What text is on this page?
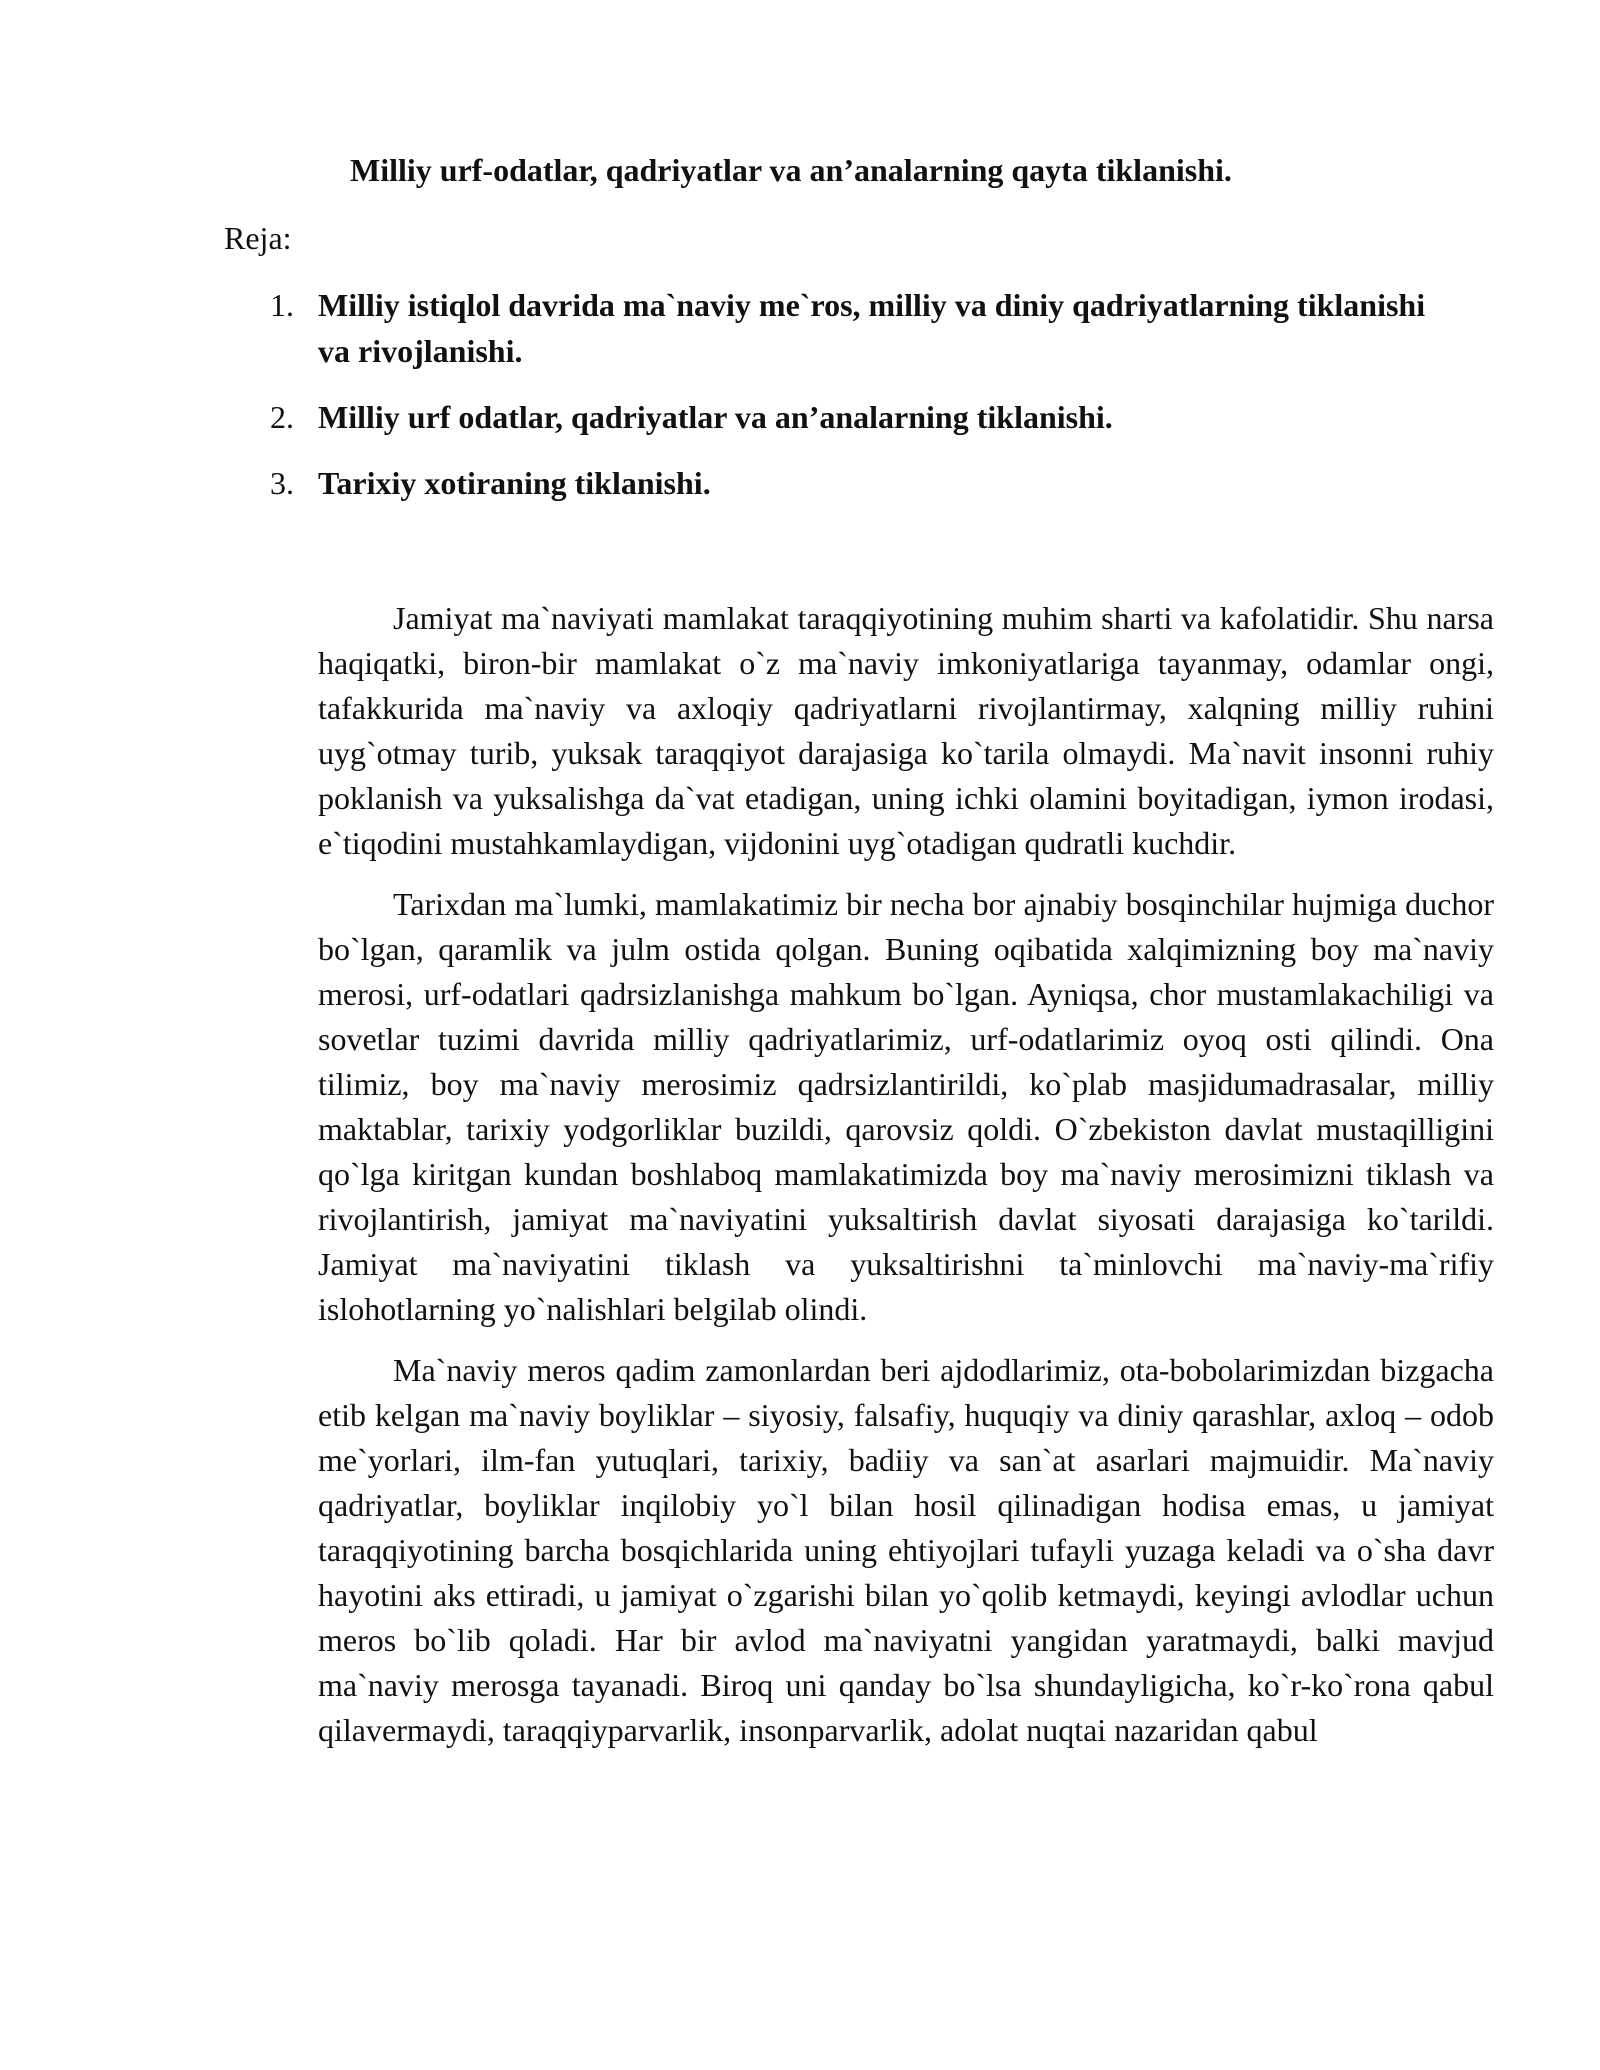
Milliy urf-odatlar, qadriyatlar va an’analarning qayta tiklanishi.
Reja:
1. Milliy istiqlol davrida ma`naviy me`ros, milliy va diniy qadriyatlarning tiklanishi va rivojlanishi.
2. Milliy urf odatlar, qadriyatlar va an’analarning tiklanishi.
3. Tarixiy xotiraning tiklanishi.

Jamiyat ma`naviyati mamlakat taraqqiyotining muhim sharti va kafolatidir. Shu narsa haqiqatki, biron-bir mamlakat o`z ma`naviy imkoniyatlariga tayanmay, odamlar ongi, tafakkurida ma`naviy va axloqiy qadriyatlarni rivojlantirmay, xalqning milliy ruhini uyg`otmay turib, yuksak taraqqiyot darajasiga ko`tarila olmaydi. Ma`navit insonni ruhiy poklanish va yuksalishga da`vat etadigan, uning ichki olamini boyitadigan, iymon irodasi, e`tiqodini mustahkamlaydigan, vijdonini uyg`otadigan qudratli kuchdir.

Tarixdan ma`lumki, mamlakatimiz bir necha bor ajnabiy bosqinchilar hujmiga duchor bo`lgan, qaramlik va julm ostida qolgan. Buning oqibatida xalqimizning boy ma`naviy merosi, urf-odatlari qadrsizlanishga mahkum bo`lgan. Ayniqsa, chor mustamlakachiligi va sovetlar tuzimi davrida milliy qadriyatlarimiz, urf-odatlarimiz oyoq osti qilindi. Ona tilimiz, boy ma`naviy merosimiz qadrsizlantirildi, ko`plab masjidumadrasalar, milliy maktablar, tarixiy yodgorliklar buzildi, qarovsiz qoldi. O`zbekiston davlat mustaqilligini qo`lga kiritgan kundan boshlaboq mamlakatimizda boy ma`naviy merosimizni tiklash va rivojlantirish, jamiyat ma`naviyatini yuksaltirish davlat siyosati darajasiga ko`tarildi. Jamiyat ma`naviyatini tiklash va yuksaltirishni ta`minlovchi ma`naviy-ma`rifiy islohotlarning yo`nalishlari belgilab olindi.

Ma`naviy meros qadim zamonlardan beri ajdodlarimiz, ota-bobolarimizdan bizgacha etib kelgan ma`naviy boyliklar – siyosiy, falsafiy, huquqiy va diniy qarashlar, axloq – odob me`yorlari, ilm-fan yutuqlari, tarixiy, badiiy va san`at asarlari majmuidir. Ma`naviy qadriyatlar, boyliklar inqilobiy yo`l bilan hosil qilinadigan hodisa emas, u jamiyat taraqqiyotining barcha bosqichlarida uning ehtiyojlari tufayli yuzaga keladi va o`sha davr hayotini aks ettiradi, u jamiyat o`zgarishi bilan yo`qolib ketmaydi, keyingi avlodlar uchun meros bo`lib qoladi. Har bir avlod ma`naviyatni yangidan yaratmaydi, balki mavjud ma`naviy merosga tayanadi. Biroq uni qanday bo`lsa shundayligicha, ko`r-ko`rona qabul qilavermaydi, taraqqiyparvarlik, insonparvarlik, adolat nuqtai nazaridan qabul
